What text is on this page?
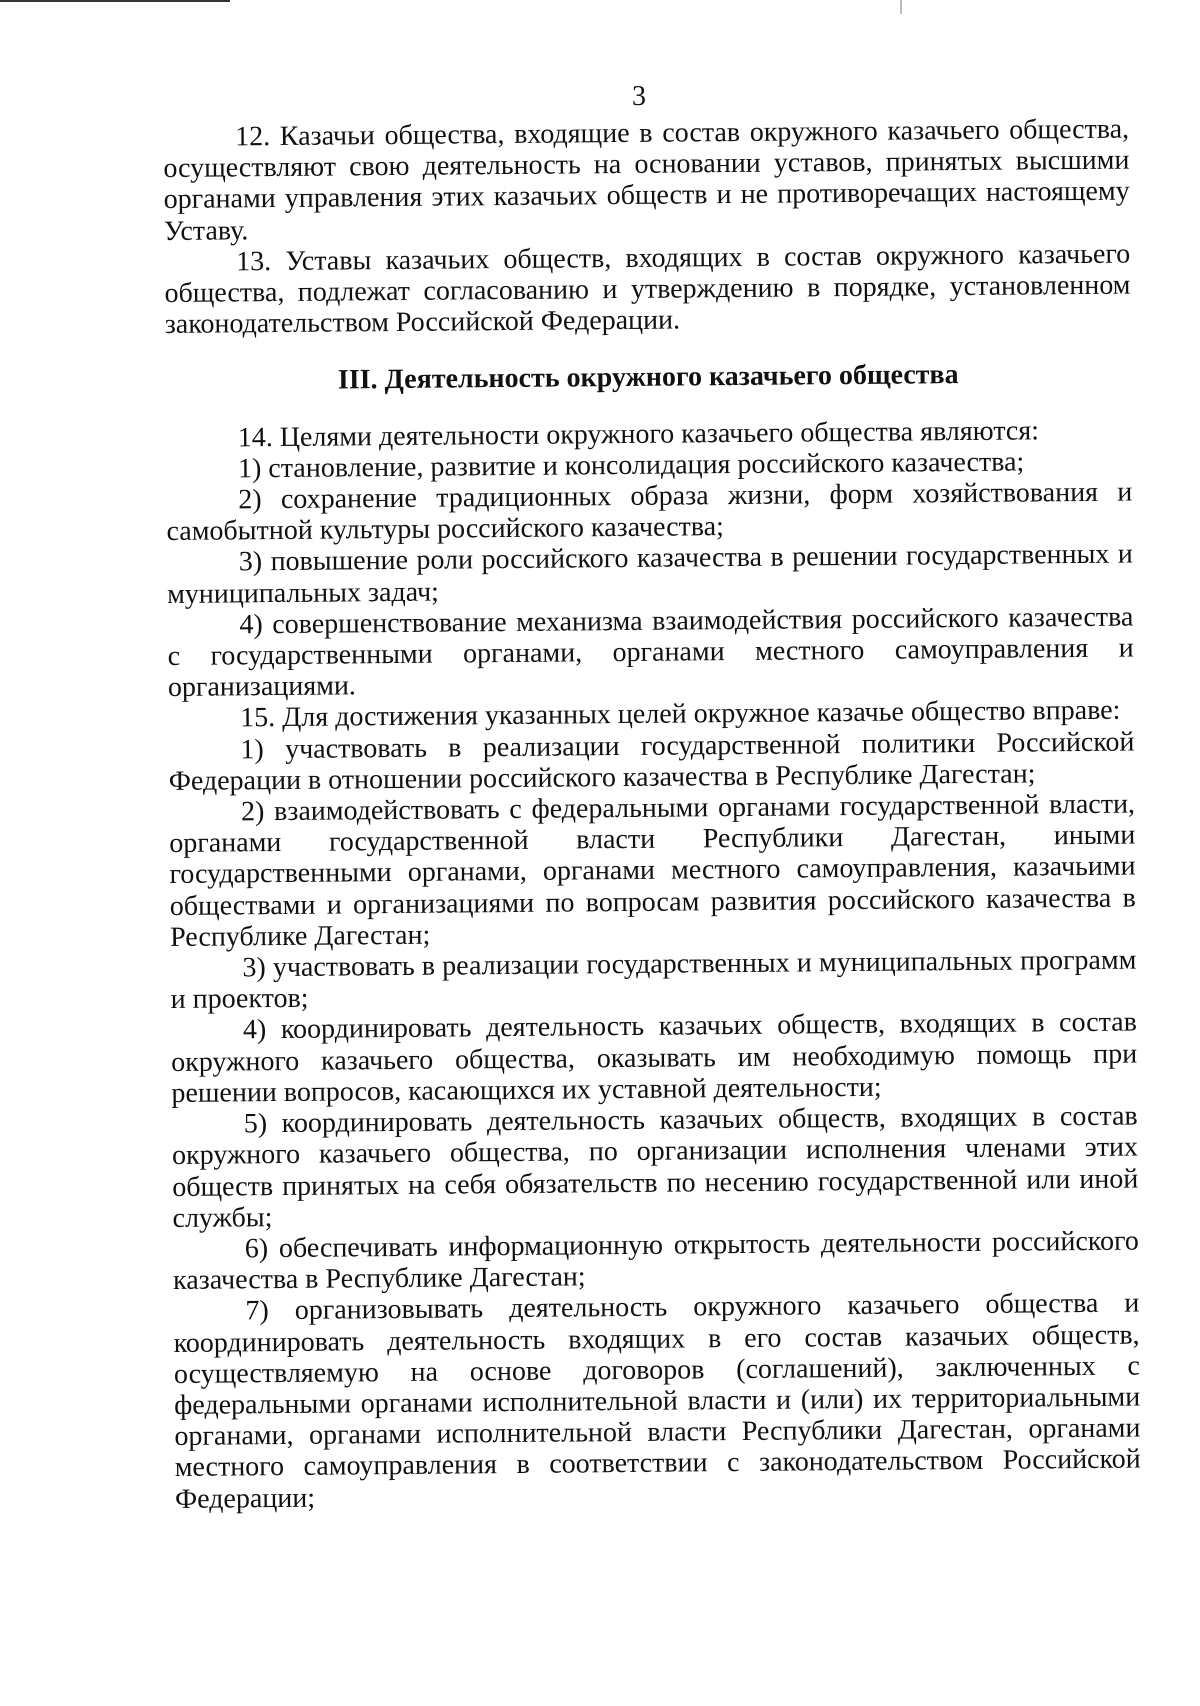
3

12. Казачьи общества, входящие в состав окружного казачьего общества, осуществляют свою деятельность на основании уставов, принятых высшими органами управления этих казачьих обществ и не противоречащих настоящему Уставу.

13. Уставы казачьих обществ, входящих в состав окружного казачьего общества, подлежат согласованию и утверждению в порядке, установленном законодательством Российской Федерации.

III. Деятельность окружного казачьего общества

14. Целями деятельности окружного казачьего общества являются:

1) становление, развитие и консолидация российского казачества;

2) сохранение традиционных образа жизни, форм хозяйствования и самобытной культуры российского казачества;

3) повышение роли российского казачества в решении государственных и муниципальных задач;

4) совершенствование механизма взаимодействия российского казачества с государственными органами, органами местного самоуправления и организациями.

15. Для достижения указанных целей окружное казачье общество вправе:

1) участвовать в реализации государственной политики Российской Федерации в отношении российского казачества в Республике Дагестан;

2) взаимодействовать с федеральными органами государственной власти, органами государственной власти Республики Дагестан, иными государственными органами, органами местного самоуправления, казачьими обществами и организациями по вопросам развития российского казачества в Республике Дагестан;

3) участвовать в реализации государственных и муниципальных программ и проектов;

4) координировать деятельность казачьих обществ, входящих в состав окружного казачьего общества, оказывать им необходимую помощь при решении вопросов, касающихся их уставной деятельности;

5) координировать деятельность казачьих обществ, входящих в состав окружного казачьего общества, по организации исполнения членами этих обществ принятых на себя обязательств по несению государственной или иной службы;

6) обеспечивать информационную открытость деятельности российского казачества в Республике Дагестан;

7) организовывать деятельность окружного казачьего общества и координировать деятельность входящих в его состав казачьих обществ, осуществляемую на основе договоров (соглашений), заключенных с федеральными органами исполнительной власти и (или) их территориальными органами, органами исполнительной власти Республики Дагестан, органами местного самоуправления в соответствии с законодательством Российской Федерации;
